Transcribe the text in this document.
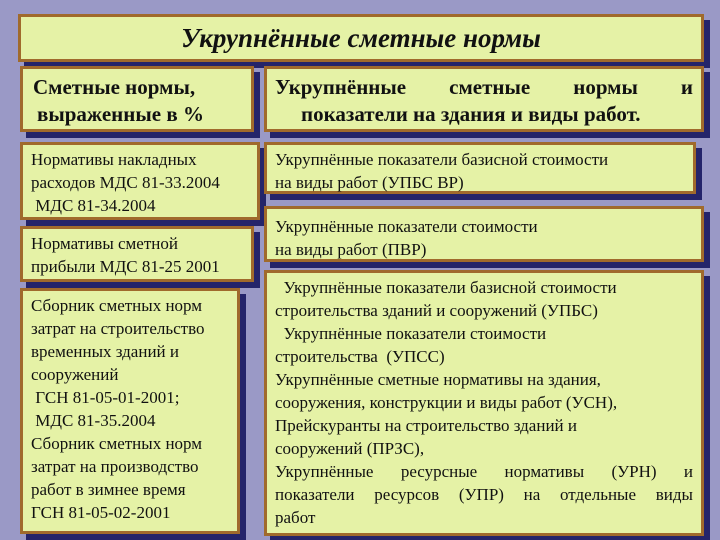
Укрупнённые сметные нормы
Сметные нормы,
выраженные в %
Укрупнённые сметные нормы и
показатели на здания и виды работ.
Нормативы накладных
расходов МДС 81-33.2004
МДС 81-34.2004
Нормативы сметной
прибыли МДС 81-25 2001
Сборник сметных норм
затрат на строительство
временных зданий и
сооружений
ГСН 81-05-01-2001;
МДС 81-35.2004
Сборник сметных норм
затрат на производство
работ в зимнее время
ГСН 81-05-02-2001
Укрупнённые показатели базисной стоимости
на виды работ (УПБС ВР)
Укрупнённые показатели стоимости
на виды работ (ПВР)
Укрупнённые показатели базисной стоимости
строительства зданий и сооружений (УПБС)
Укрупнённые показатели стоимости
строительства  (УПСС)
Укрупнённые сметные нормативы на здания,
сооружения, конструкции и виды работ (УСН),
Прейскуранты на строительство зданий и
сооружений (ПРЗС),
Укрупнённые ресурсные нормативы (УРН) и
показатели ресурсов (УПР) на отдельные виды
работ
